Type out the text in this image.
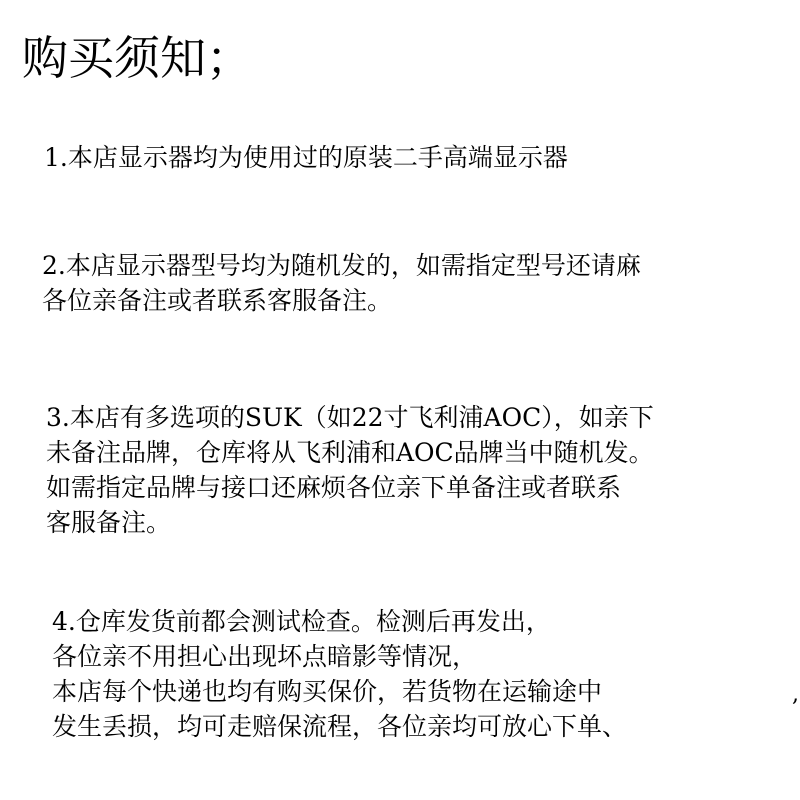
购买须知；

1.本店显示器均为使用过的原装二手高端显示器

2.本店显示器型号均为随机发的，如需指定型号还请麻
各位亲备注或者联系客服备注。

3.本店有多选项的SUK（如22寸飞利浦AOC），如亲下
未备注品牌，仓库将从飞利浦和AOC品牌当中随机发。
如需指定品牌与接口还麻烦各位亲下单备注或者联系
客服备注。

4.仓库发货前都会测试检查。检测后再发出，
各位亲不用担心出现坏点暗影等情况，
本店每个快递也均有购买保价，若货物在运输途中
发生丢损，均可走赔保流程，各位亲均可放心下单、

,
